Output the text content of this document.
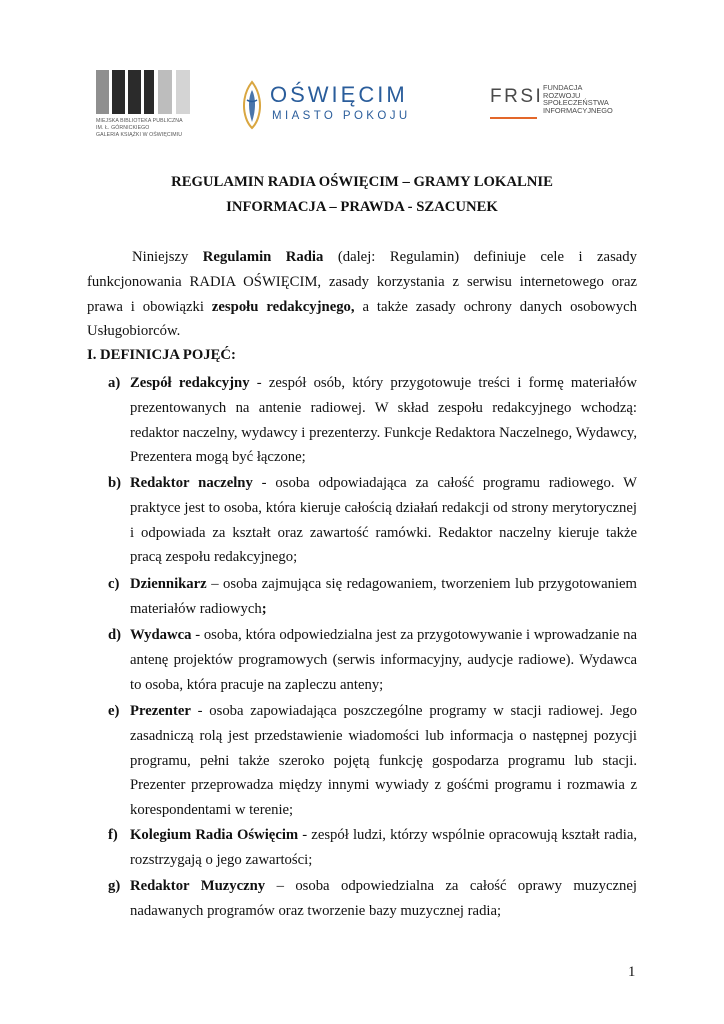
MIEJSKA BIBLIOTEKA PUBLICZNA
IM. Ł. GÓRNICKIEGO
GALERIA KSIĄŻKI W OŚWIĘCIMIU
OŚWIĘCIM
MIASTO POKOJU
FRSI FUNDACJA
ROZWOJU
SPOŁECZEŃSTWA
INFORMACYJNEGO
REGULAMIN RADIA OŚWIĘCIM – GRAMY LOKALNIE
INFORMACJA – PRAWDA - SZACUNEK
Niniejszy Regulamin Radia (dalej: Regulamin) definiuje cele i zasady funkcjonowania RADIA OŚWIĘCIM, zasady korzystania z serwisu internetowego oraz prawa i obowiązki zespołu redakcyjnego, a także zasady ochrony danych osobowych Usługobiorców.
I. DEFINICJA POJĘĆ:
a) Zespół redakcyjny - zespół osób, który przygotowuje treści i formę materiałów prezentowanych na antenie radiowej. W skład zespołu redakcyjnego wchodzą: redaktor naczelny, wydawcy i prezenterzy. Funkcje Redaktora Naczelnego, Wydawcy, Prezentera mogą być łączone;
b) Redaktor naczelny - osoba odpowiadająca za całość programu radiowego. W praktyce jest to osoba, która kieruje całością działań redakcji od strony merytorycznej i odpowiada za kształt oraz zawartość ramówki. Redaktor naczelny kieruje także pracą zespołu redakcyjnego;
c) Dziennikarz – osoba zajmująca się redagowaniem, tworzeniem lub przygotowaniem materiałów radiowych;
d) Wydawca - osoba, która odpowiedzialna jest za przygotowywanie i wprowadzanie na antenę projektów programowych (serwis informacyjny, audycje radiowe). Wydawca to osoba, która pracuje na zapleczu anteny;
e) Prezenter - osoba zapowiadająca poszczególne programy w stacji radiowej. Jego zasadniczą rolą jest przedstawienie wiadomości lub informacja o następnej pozycji programu, pełni także szeroko pojętą funkcję gospodarza programu lub stacji. Prezenter przeprowadza między innymi wywiady z gośćmi programu i rozmawia z korespondentami w terenie;
f) Kolegium Radia Oświęcim - zespół ludzi, którzy wspólnie opracowują kształt radia, rozstrzygają o jego zawartości;
g) Redaktor Muzyczny – osoba odpowiedzialna za całość oprawy muzycznej nadawanych programów oraz tworzenie bazy muzycznej radia;
1
